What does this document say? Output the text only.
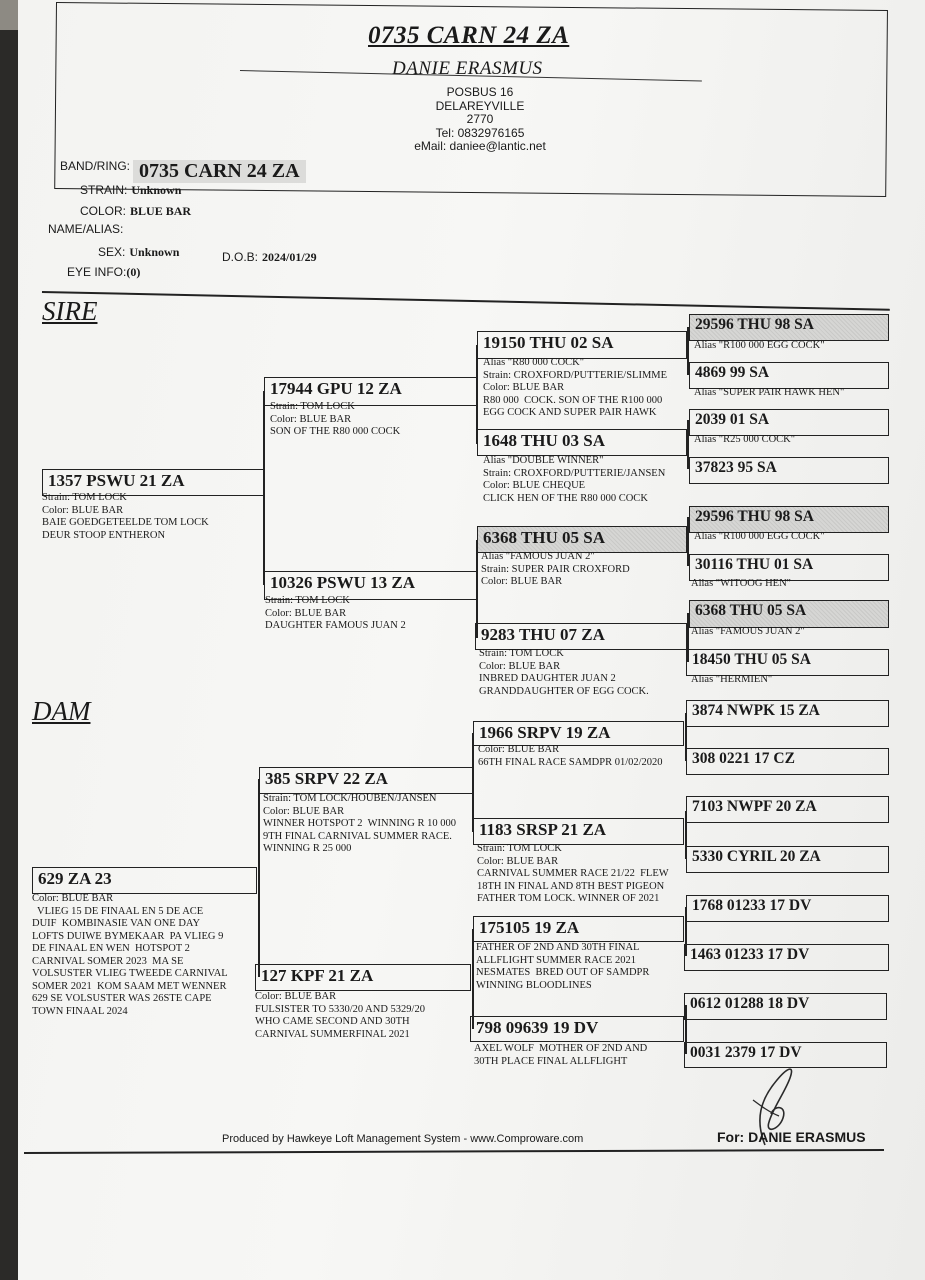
0735 CARN 24 ZA
DANIE ERASMUS
POSBUS 16
DELAREYVILLE
2770
Tel: 0832976165
eMail: daniee@lantic.net
BAND/RING: 0735 CARN 24 ZA
STRAIN: Unknown
COLOR: BLUE BAR
NAME/ALIAS:
SEX: Unknown	D.O.B: 2024/01/29
EYE INFO:(0)
SIRE
DAM
1357 PSWU 21 ZA
Strain: TOM LOCK
Color: BLUE BAR
BAIE GOEDGETEELDE TOM LOCK
DEUR STOOP ENTHERON
17944 GPU 12 ZA
Strain: TOM LOCK
Color: BLUE BAR
SON OF THE R80 000 COCK
10326 PSWU 13 ZA
Strain: TOM LOCK
Color: BLUE BAR
DAUGHTER FAMOUS JUAN 2
19150 THU 02 SA
Alias "R80 000 COCK"
Strain: CROXFORD/PUTTERIE/SLIMME
Color: BLUE BAR
R80 000  COCK. SON OF THE R100 000
EGG COCK AND SUPER PAIR HAWK
1648 THU 03 SA
Alias "DOUBLE WINNER"
Strain: CROXFORD/PUTTERIE/JANSEN
Color: BLUE CHEQUE
CLICK HEN OF THE R80 000 COCK
6368 THU 05 SA
Alias "FAMOUS JUAN 2"
Strain: SUPER PAIR CROXFORD
Color: BLUE BAR
9283 THU 07 ZA
Strain: TOM LOCK
Color: BLUE BAR
INBRED DAUGHTER JUAN 2
GRANDDAUGHTER OF EGG COCK.
29596 THU 98 SA
Alias "R100 000 EGG COCK"
4869 99 SA
Alias "SUPER PAIR HAWK HEN"
2039 01 SA
Alias "R25 000 COCK"
37823 95 SA
29596 THU 98 SA
Alias "R100 000 EGG COCK"
30116 THU 01 SA
Alias "WITOOG HEN"
6368 THU 05 SA
Alias "FAMOUS JUAN 2"
18450 THU 05 SA
Alias "HERMIEN"
629 ZA 23
Color: BLUE BAR
VLIEG 15 DE FINAAL EN 5 DE ACE
DUIF  KOMBINASIE VAN ONE DAY
LOFTS DUIWE BYMEKAAR  PA VLIEG 9
DE FINAAL EN WEN  HOTSPOT 2
CARNIVAL SOMER 2023  MA SE
VOLSUSTER VLIEG TWEEDE CARNIVAL
SOMER 2021  KOM SAAM MET WENNER
629 SE VOLSUSTER WAS 26STE CAPE
TOWN FINAAL 2024
385 SRPV 22 ZA
Strain: TOM LOCK/HOUBEN/JANSEN
Color: BLUE BAR
WINNER HOTSPOT 2  WINNING R 10 000
9TH FINAL CARNIVAL SUMMER RACE.
WINNING R 25 000
127 KPF 21 ZA
Color: BLUE BAR
FULSISTER TO 5330/20 AND 5329/20
WHO CAME SECOND AND 30TH
CARNIVAL SUMMERFINAL 2021
1966 SRPV 19 ZA
Color: BLUE BAR
66TH FINAL RACE SAMDPR 01/02/2020
1183 SRSP 21 ZA
Strain: TOM LOCK
Color: BLUE BAR
CARNIVAL SUMMER RACE 21/22  FLEW
18TH IN FINAL AND 8TH BEST PIGEON
FATHER TOM LOCK. WINNER OF 2021
175105 19 ZA
FATHER OF 2ND AND 30TH FINAL
ALLFLIGHT SUMMER RACE 2021
NESMATES  BRED OUT OF SAMDPR
WINNING BLOODLINES
798 09639 19 DV
AXEL WOLF  MOTHER OF 2ND AND
30TH PLACE FINAL ALLFLIGHT
3874 NWPK 15 ZA
308 0221 17 CZ
7103 NWPF 20 ZA
5330 CYRIL 20 ZA
1768 01233 17 DV
1463 01233 17 DV
0612 01288 18 DV
0031 2379 17 DV
Produced by Hawkeye Loft Management System - www.Comproware.com	For: DANIE ERASMUS
